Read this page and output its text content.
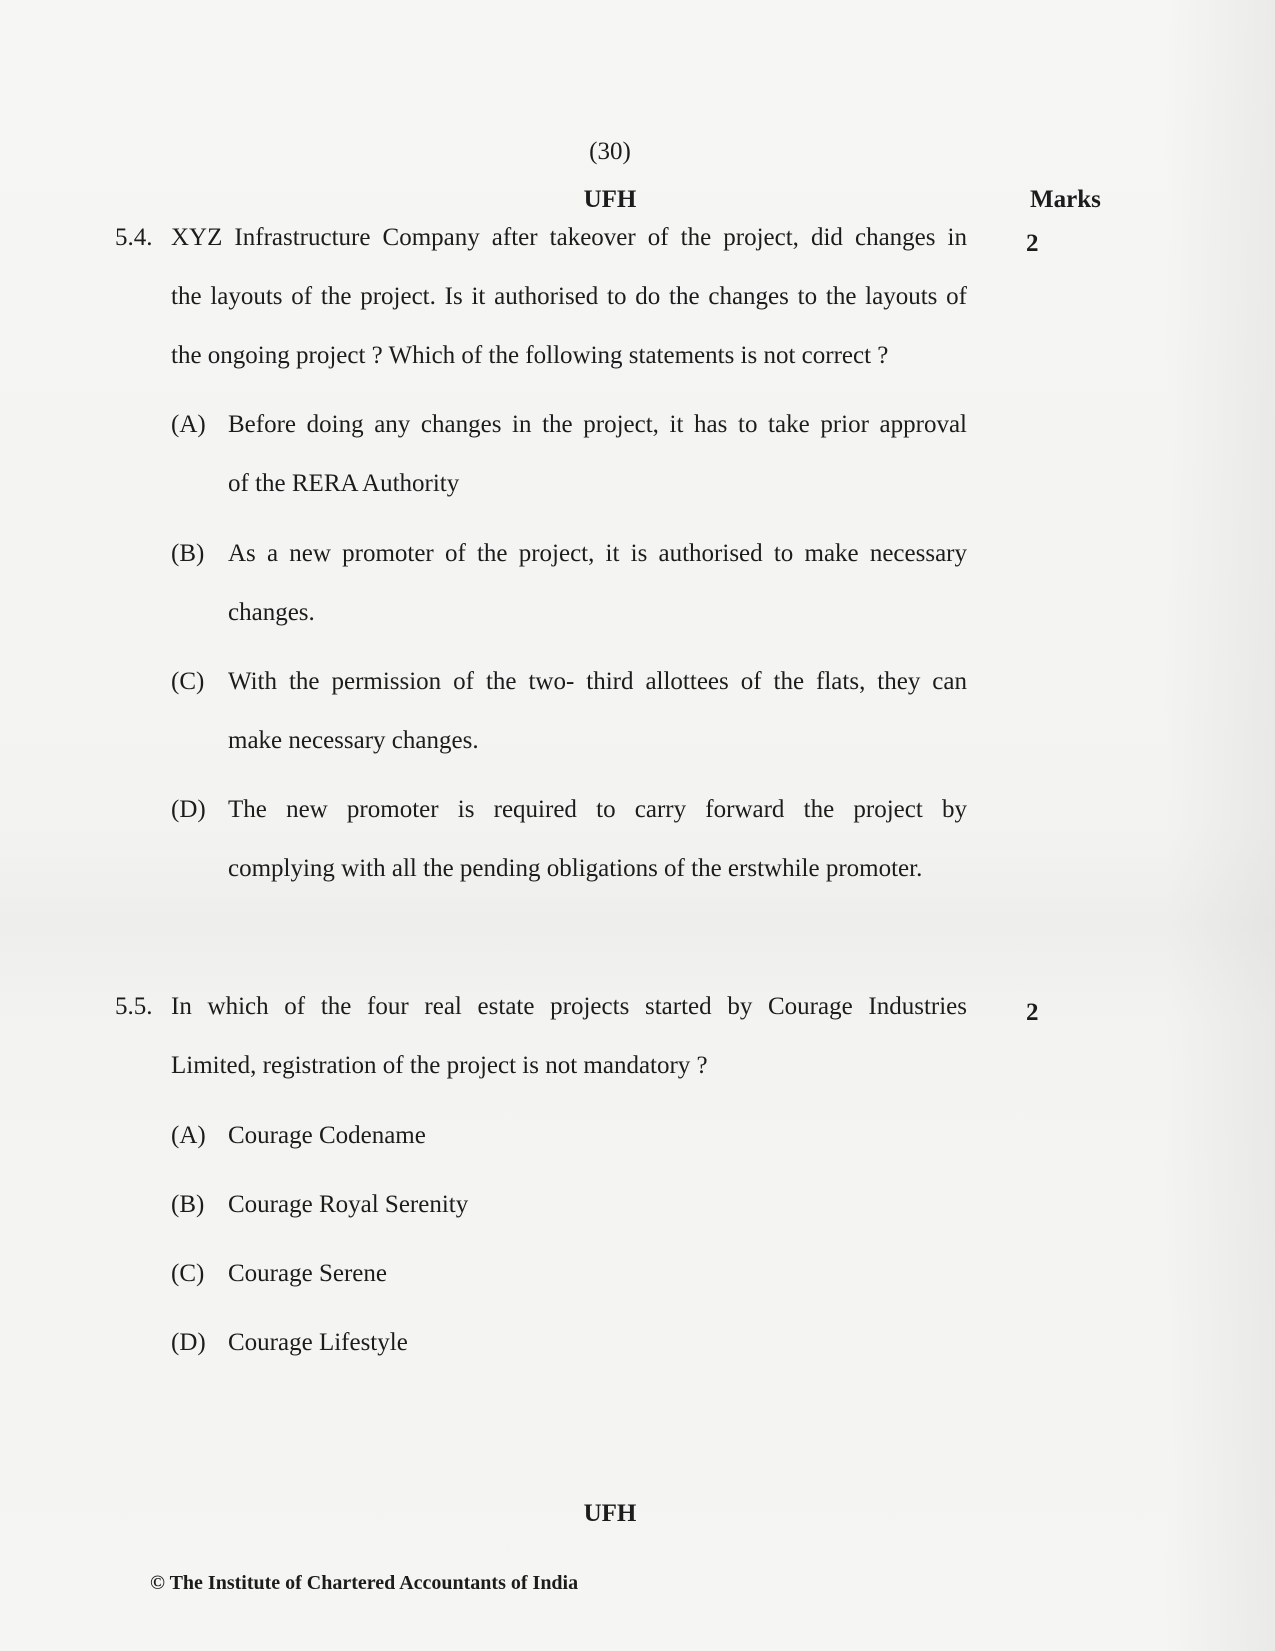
(30)
UFH	Marks
5.4.	2
XYZ Infrastructure Company after takeover of the project, did changes in
the layouts of the project. Is it authorised to do the changes to the layouts of
the ongoing project ? Which of the following statements is not correct ?
(A) Before doing any changes in the project, it has to take prior approval
of the RERA Authority
(B) As a new promoter of the project, it is authorised to make necessary
changes.
(C) With the permission of the two- third allottees of the flats, they can
make necessary changes.
(D) The new promoter is required to carry forward the project by
complying with all the pending obligations of the erstwhile promoter.
5.5.	2
In which of the four real estate projects started by Courage Industries
Limited, registration of the project is not mandatory ?
(A) Courage Codename
(B) Courage Royal Serenity
(C) Courage Serene
(D) Courage Lifestyle
UFH
© The Institute of Chartered Accountants of India
